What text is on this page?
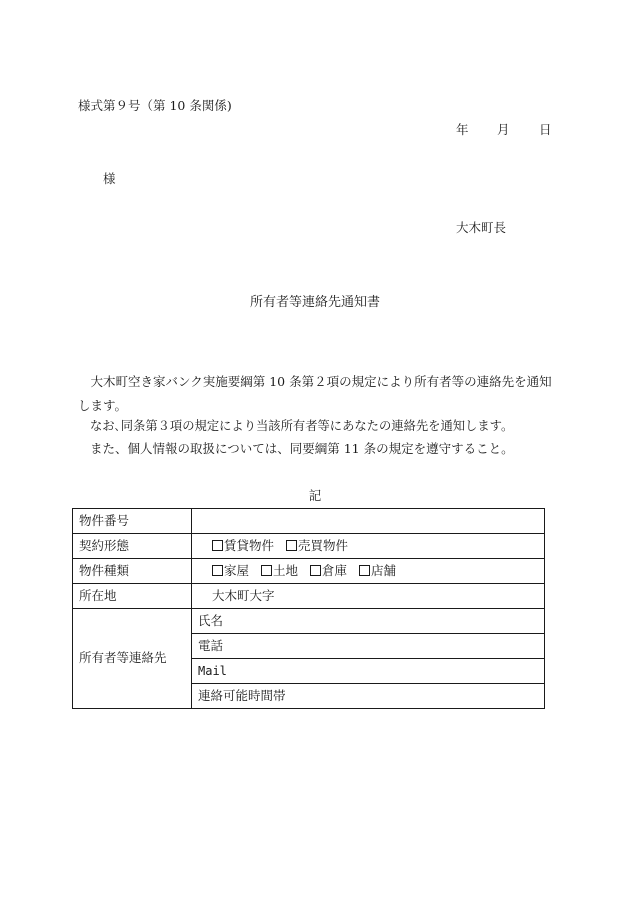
様式第９号（第 10 条関係)
年 月 日
様
大木町長
所有者等連絡先通知書
大木町空き家バンク実施要綱第 10 条第２項の規定により所有者等の連絡先を通知します。
なお､同条第３項の規定により当該所有者等にあなたの連絡先を通知します。
また、個人情報の取扱については、同要綱第 11 条の規定を遵守すること。
記
物件番号	
契約形態	賃貸物件 売買物件
物件種類	家屋 土地 倉庫 店舗
所在地	大木町大字
所有者等連絡先	氏名
	電話
	Mail
	連絡可能時間帯
